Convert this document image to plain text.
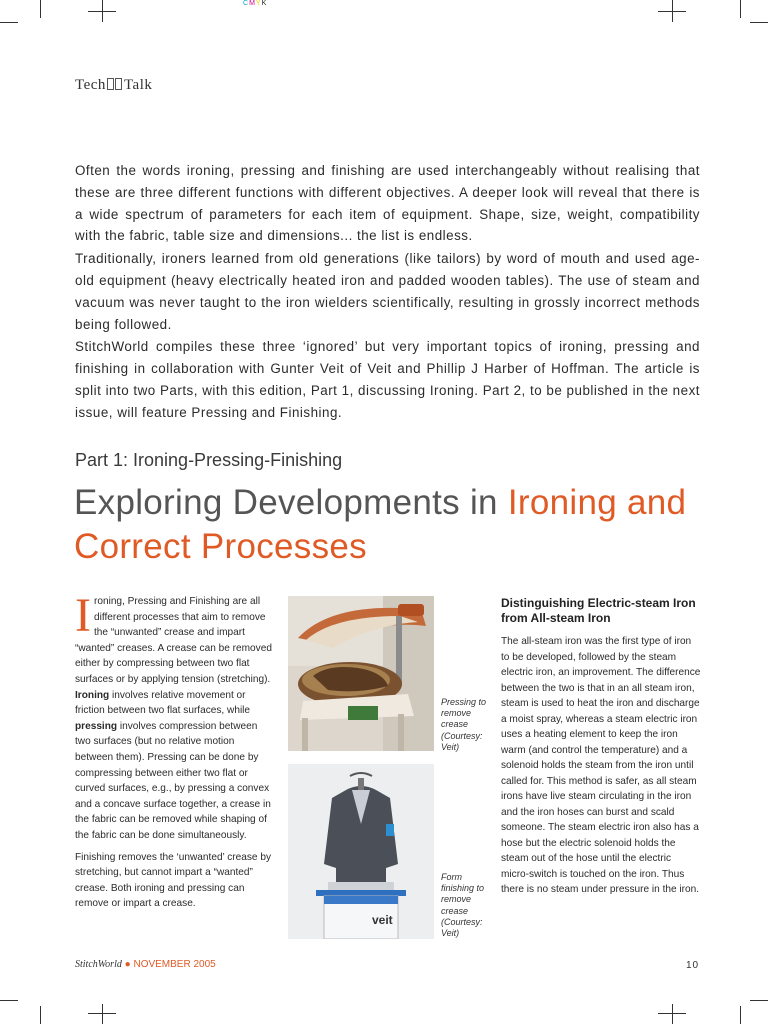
CMYK
Tech Talk

Often the words ironing, pressing and finishing are used interchangeably without realising that these are three different functions with different objectives. A deeper look will reveal that there is a wide spectrum of parameters for each item of equipment. Shape, size, weight, compatibility with the fabric, table size and dimensions... the list is endless.

Traditionally, ironers learned from old generations (like tailors) by word of mouth and used age-old equipment (heavy electrically heated iron and padded wooden tables). The use of steam and vacuum was never taught to the iron wielders scientifically, resulting in grossly incorrect methods being followed.

StitchWorld compiles these three ‘ignored’ but very important topics of ironing, pressing and finishing in collaboration with Gunter Veit of Veit and Phillip J Harber of Hoffman. The article is split into two Parts, with this edition, Part 1, discussing Ironing. Part 2, to be published in the next issue, will feature Pressing and Finishing.

Part 1: Ironing-Pressing-Finishing
Exploring Developments in Ironing and Correct Processes

Ironing, Pressing and Finishing are all different processes that aim to remove the “unwanted” crease and impart “wanted” creases. A crease can be removed either by compressing between two flat surfaces or by applying tension (stretching). Ironing involves relative movement or friction between two flat surfaces, while pressing involves compression between two surfaces (but no relative motion between them). Pressing can be done by compressing between either two flat or curved surfaces, e.g., by pressing a convex and a concave surface together, a crease in the fabric can be removed while shaping of the fabric can be done simultaneously.

Finishing removes the ‘unwanted’ crease by stretching, but cannot impart a “wanted” crease. Both ironing and pressing can remove or impart a crease.

Pressing to remove crease (Courtesy: Veit)
veit
Form finishing to remove crease (Courtesy: Veit)
Distinguishing Electric-steam Iron from All-steam Iron
The all-steam iron was the first type of iron to be developed, followed by the steam electric iron, an improvement. The difference between the two is that in an all steam iron, steam is used to heat the iron and discharge a moist spray, whereas a steam electric iron uses a heating element to keep the iron warm (and control the temperature) and a solenoid holds the steam from the iron until called for. This method is safer, as all steam irons have live steam circulating in the iron and the iron hoses can burst and scald someone. The steam electric iron also has a hose but the electric solenoid holds the steam out of the hose until the electric micro-switch is touched on the iron. Thus there is no steam under pressure in the iron.
StitchWorld ● NOVEMBER 2005	10
